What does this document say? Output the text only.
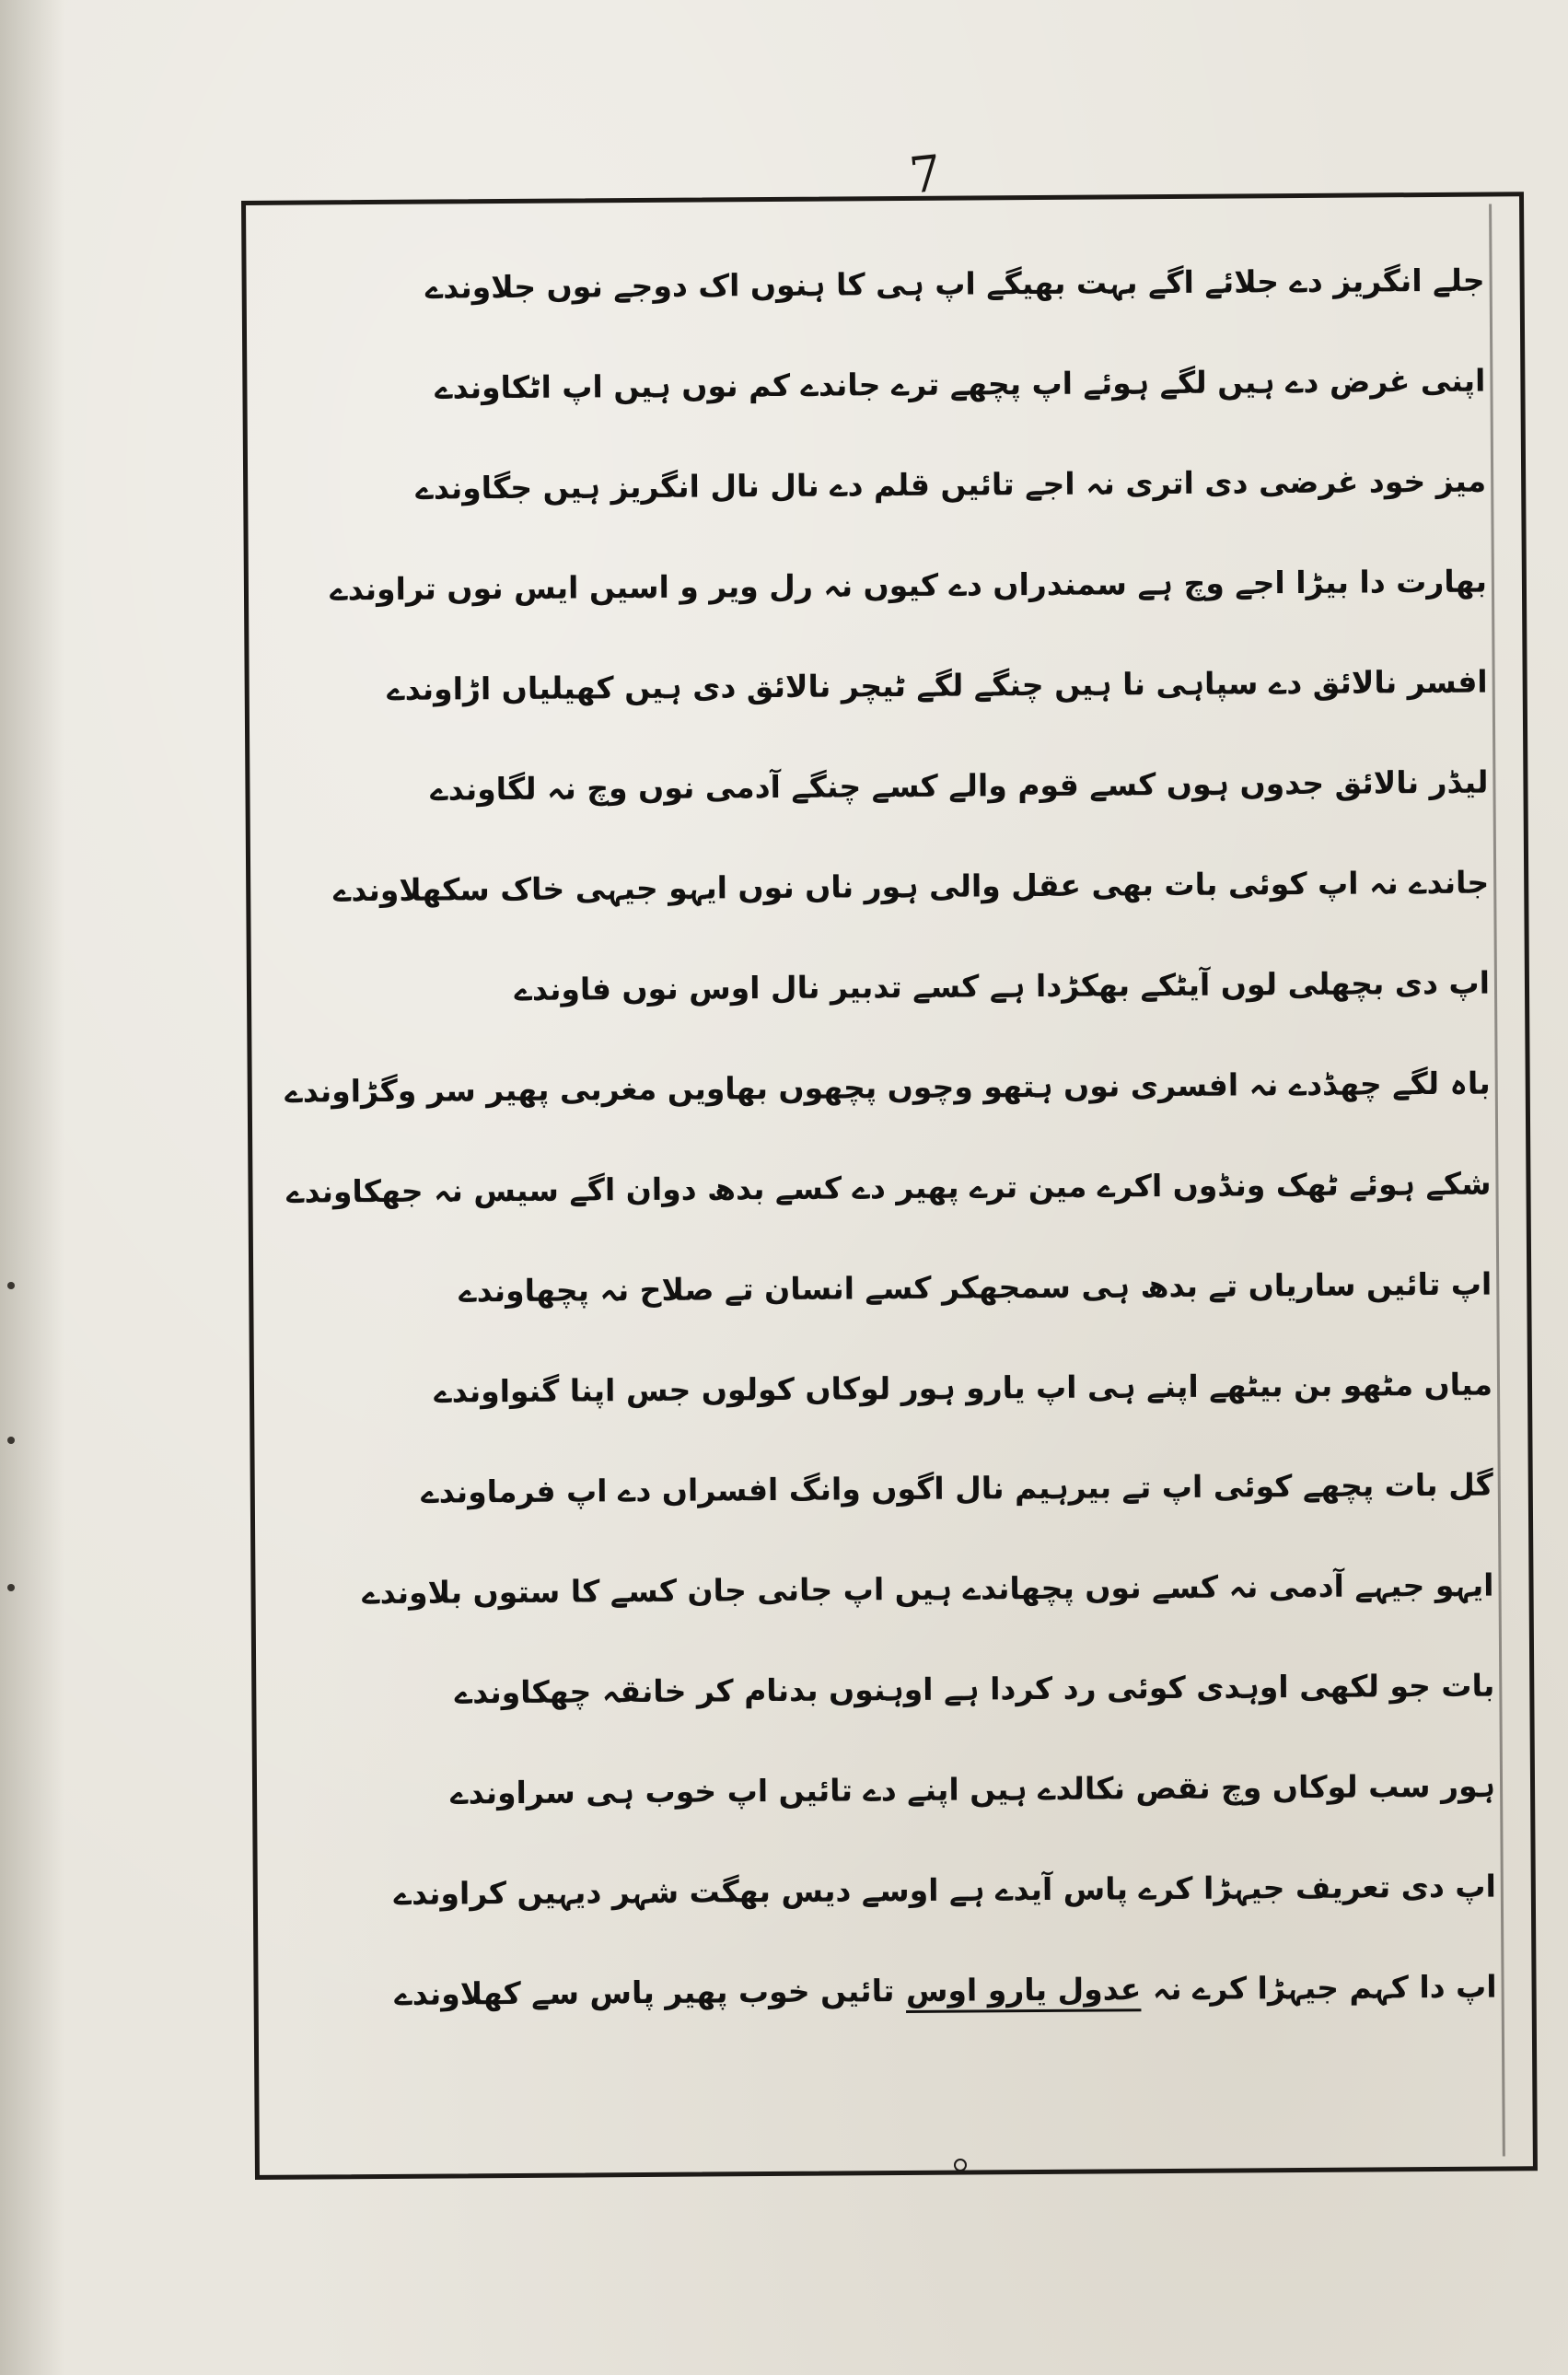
7
جلے انگریز دے جلائے اگے بہت بھیگے اپ ہی کا ہنوں اک دوجے نوں جلاوندے
اپنی غرض دے ہیں لگے ہوئے اپ پچھے ترے جاندے کم نوں ہیں اپ اٹکاوندے
میز خود غرضی دی اتری نہ اجے تائیں قلم دے نال نال انگریز ہیں جگاوندے
بھارت دا بیڑا اجے وچ ہے سمندراں دے کیوں نہ رل ویر و اسیں ایس نوں تراوندے
افسر نالائق دے سپاہی نا ہیں چنگے لگے ٹیچر نالائق دی ہیں کھیلیاں اڑاوندے
لیڈر نالائق جدوں ہوں کسے قوم والے کسے چنگے آدمی نوں وچ نہ لگاوندے
جاندے نہ اپ کوئی بات بھی عقل والی ہور ناں نوں ایہو جیہی خاک سکھلاوندے
اپ دی بچھلی لوں آیٹکے بھکڑدا ہے کسے تدبیر نال اوس نوں فاوندے
باہ لگے چھڈدے نہ افسری نوں ہتھو وچوں پچھوں بھاویں مغربی پھیر سر وگڑاوندے
شکے ہوئے ٹھک ونڈوں اکرے مین ترے پھیر دے کسے بدھ دوان اگے سیس نہ جھکاوندے
اپ تائیں ساریاں تے بدھ ہی سمجھکر کسے انسان تے صلاح نہ پچھاوندے
میاں مٹھو بن بیٹھے اپنے ہی اپ یارو ہور لوکاں کولوں جس اپنا گنواوندے
گل بات پچھے کوئی اپ تے بیرہیم نال اگوں وانگ افسراں دے اپ فرماوندے
ایہو جیہے آدمی نہ کسے نوں پچھاندے ہیں اپ جانی جان کسے کا ستوں بلاوندے
بات جو لکھی اوہدی کوئی رد کردا ہے اوہنوں بدنام کر خانقہ چھکاوندے
ہور سب لوکاں وچ نقص نکالدے ہیں اپنے دے تائیں اپ خوب ہی سراوندے
اپ دی تعریف جیہڑا کرے پاس آیدے ہے اوسے دیس بھگت شہر دیہیں کراوندے
اپ دا کہم جیہڑا کرے نہ

عدول یارو اوس

تائیں خوب پھیر پاس سے کھلاوندے
